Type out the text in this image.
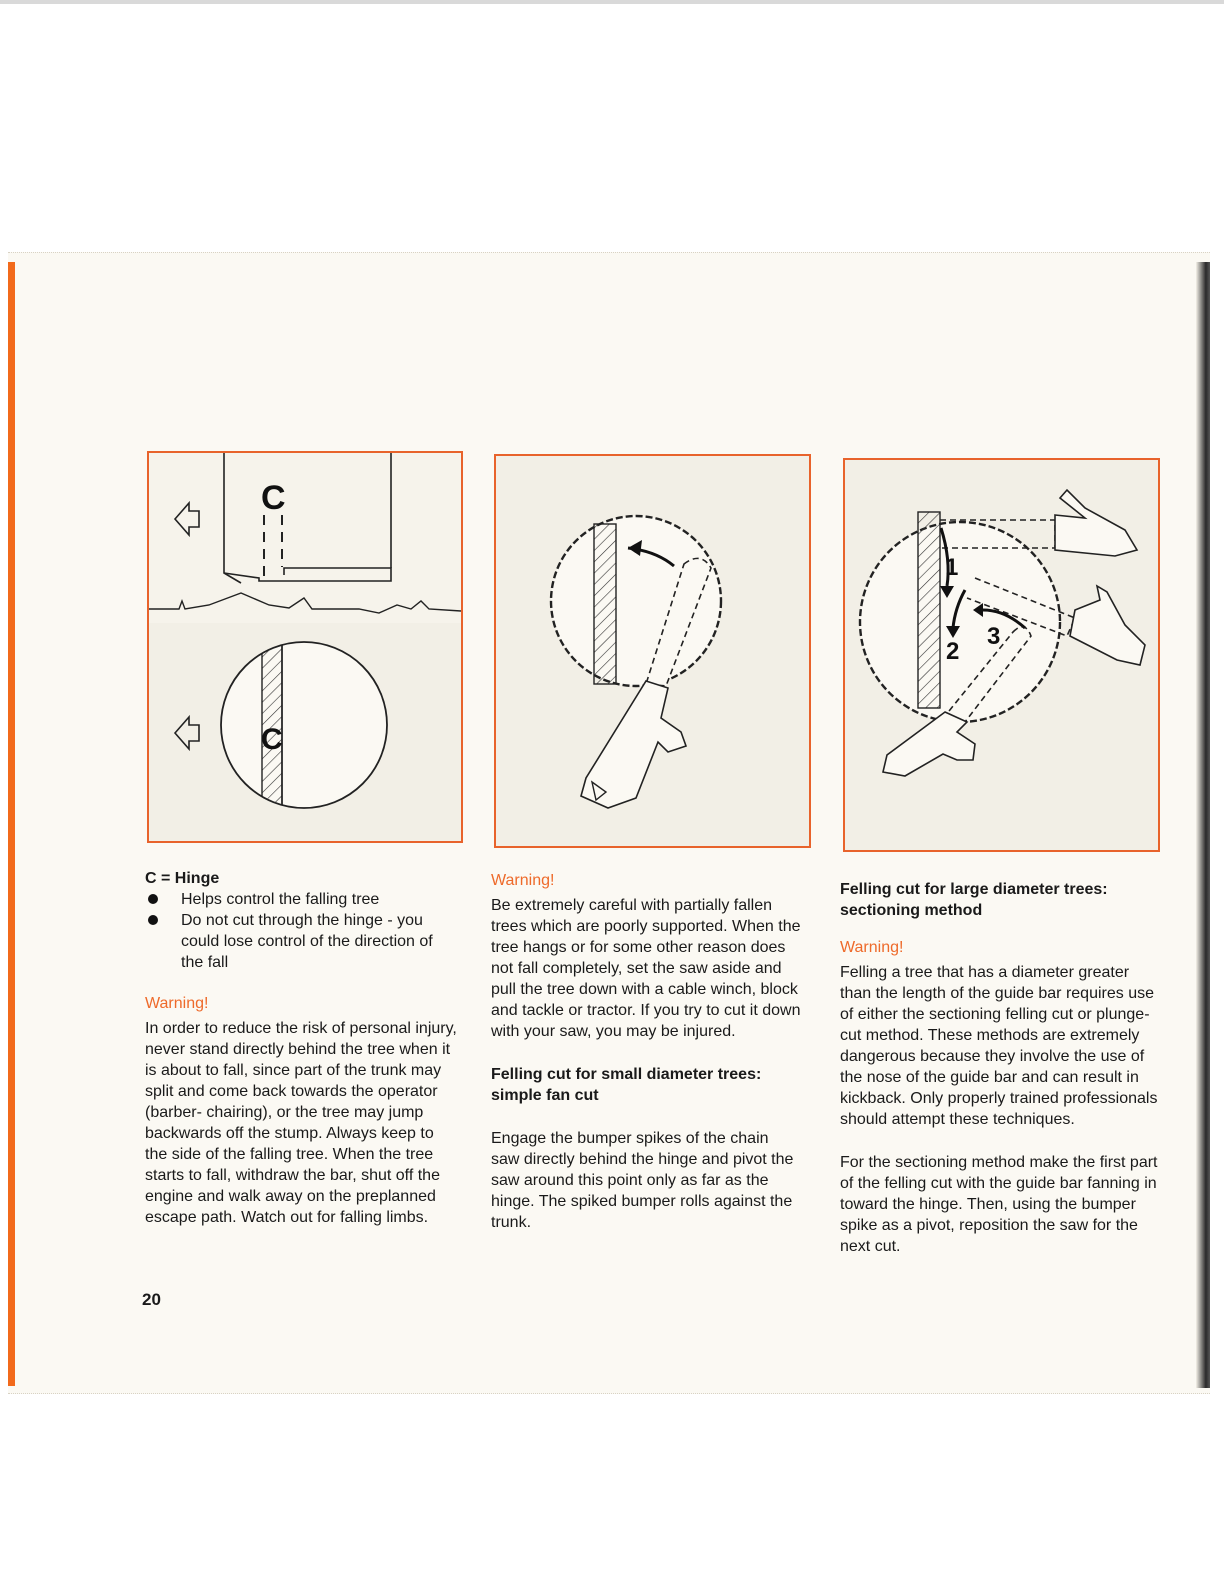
C
C
1
2
3

C = Hinge

Helps control the falling tree
Do not cut through the hinge - you could lose control of the direction of the fall

Warning!

In order to reduce the risk of personal injury, never stand directly behind the tree when it is about to fall, since part of the trunk may split and come back towards the operator (barber- chairing), or the tree may jump backwards off the stump. Always keep to the side of the falling tree. When the tree starts to fall, withdraw the bar, shut off the engine and walk away on the preplanned escape path. Watch out for falling limbs.

Warning!

Be extremely careful with partially fallen trees which are poorly supported. When the tree hangs or for some other reason does not fall completely, set the saw aside and pull the tree down with a cable winch, block and tackle or tractor. If you try to cut it down with your saw, you may be injured.

Felling cut for small diameter trees: simple fan cut

Engage the bumper spikes of the chain saw directly behind the hinge and pivot the saw around this point only as far as the hinge. The spiked bumper rolls against the trunk.

Felling cut for large diameter trees: sectioning method

Warning!

Felling a tree that has a diameter greater than the length of the guide bar requires use of either the sectioning felling cut or plunge-cut method. These methods are extremely dangerous because they involve the use of the nose of the guide bar and can result in kickback. Only properly trained professionals should attempt these techniques.

For the sectioning method make the first part of the felling cut with the guide bar fanning in toward the hinge. Then, using the bumper spike as a pivot, reposition the saw for the next cut.

20
